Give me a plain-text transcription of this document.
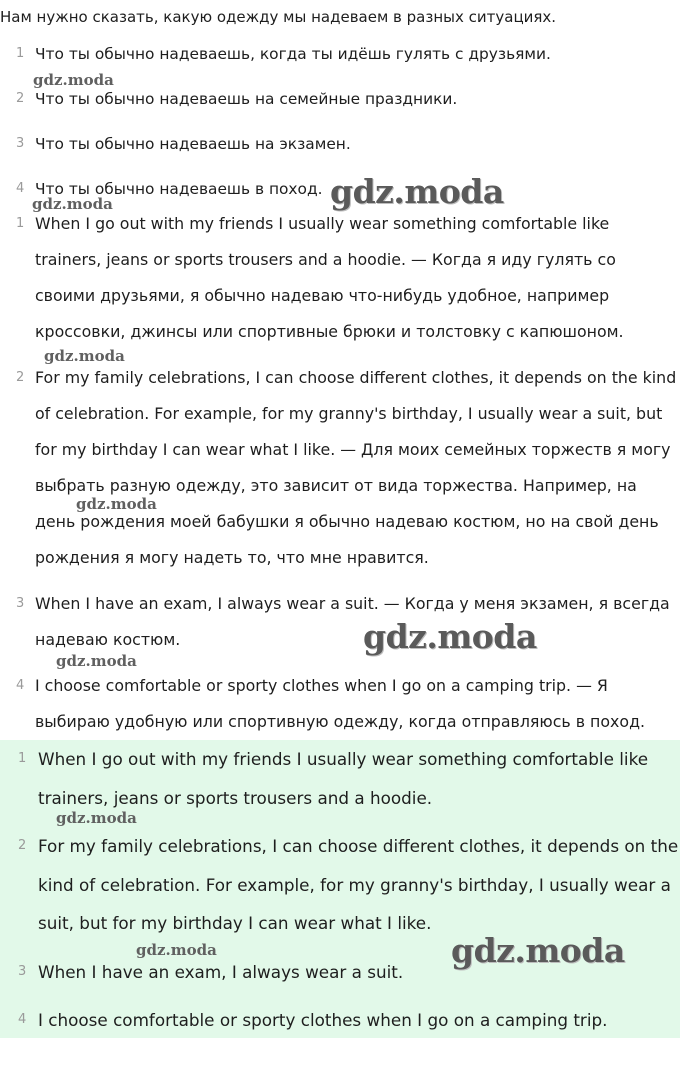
Нам нужно сказать, какую одежду мы надеваем в разных ситуациях.
1 Что ты обычно надеваешь, когда ты идёшь гулять с друзьями.
2 Что ты обычно надеваешь на семейные праздники.
3 Что ты обычно надеваешь на экзамен.
4 Что ты обычно надеваешь в поход.
1 When I go out with my friends I usually wear something comfortable like trainers, jeans or sports trousers and a hoodie. — Когда я иду гулять со своими друзьями, я обычно надеваю что-нибудь удобное, например кроссовки, джинсы или спортивные брюки и толстовку с капюшоном.
2 For my family celebrations, I can choose different clothes, it depends on the kind of celebration. For example, for my granny's birthday, I usually wear a suit, but for my birthday I can wear what I like. — Для моих семейных торжеств я могу выбрать разную одежду, это зависит от вида торжества. Например, на день рождения моей бабушки я обычно надеваю костюм, но на свой день рождения я могу надеть то, что мне нравится.
3 When I have an exam, I always wear a suit. — Когда у меня экзамен, я всегда надеваю костюм.
4 I choose comfortable or sporty clothes when I go on a camping trip. — Я выбираю удобную или спортивную одежду, когда отправляюсь в поход.
1 When I go out with my friends I usually wear something comfortable like trainers, jeans or sports trousers and a hoodie.
2 For my family celebrations, I can choose different clothes, it depends on the kind of celebration. For example, for my granny's birthday, I usually wear a suit, but for my birthday I can wear what I like.
3 When I have an exam, I always wear a suit.
4 I choose comfortable or sporty clothes when I go on a camping trip.
gdz.moda
gdz.moda	gdz.moda
gdz.moda
gdz.moda
gdz.moda
gdz.moda
gdz.moda
gdz.moda	gdz.moda
